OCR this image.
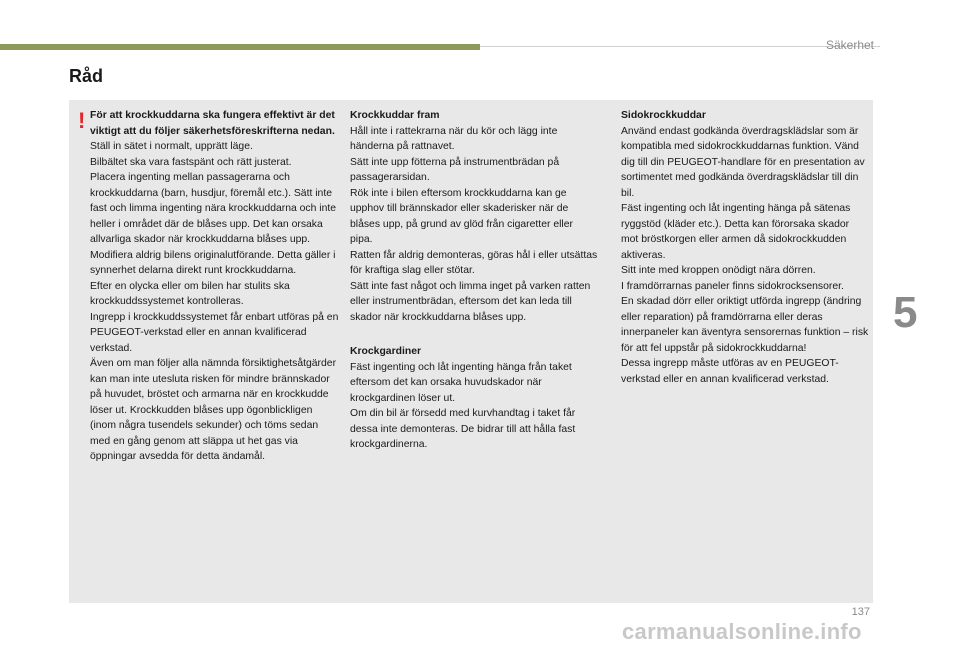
Säkerhet
Råd
! För att krockkuddarna ska fungera effektivt är det viktigt att du följer säkerhetsföreskrifterna nedan.

Ställ in sätet i normalt, upprätt läge.
Bilbältet ska vara fastspänt och rätt justerat.
Placera ingenting mellan passagerarna och krockkuddarna (barn, husdjur, föremål etc.). Sätt inte fast och limma ingenting nära krockkuddarna och inte heller i området där de blåses upp. Det kan orsaka allvarliga skador när krockkuddarna blåses upp.
Modifiera aldrig bilens originalutförande. Detta gäller i synnerhet delarna direkt runt krockkuddarna.
Efter en olycka eller om bilen har stulits ska krockkuddssystemet kontrolleras.
Ingrepp i krockkuddssystemet får enbart utföras på en PEUGEOT-verkstad eller en annan kvalificerad verkstad.
Även om man följer alla nämnda försiktighetsåtgärder kan man inte utesluta risken för mindre brännskador på huvudet, bröstet och armarna när en krockkudde löser ut. Krockkudden blåses upp ögonblickligen (inom några tusendels sekunder) och töms sedan med en gång genom att släppa ut het gas via öppningar avsedda för detta ändamål.

Krockkuddar fram

Håll inte i rattekrarna när du kör och lägg inte händerna på rattnavet.
Sätt inte upp fötterna på instrumentbrädan på passagerarsidan.
Rök inte i bilen eftersom krockkuddarna kan ge upphov till brännskador eller skaderisker när de blåses upp, på grund av glöd från cigaretter eller pipa.
Ratten får aldrig demonteras, göras hål i eller utsättas för kraftiga slag eller stötar.
Sätt inte fast något och limma inget på varken ratten eller instrumentbrädan, eftersom det kan leda till skador när krockkuddarna blåses upp.

Krockgardiner

Fäst ingenting och låt ingenting hänga från taket eftersom det kan orsaka huvudskador när krockgardinen löser ut.
Om din bil är försedd med kurvhandtag i taket får dessa inte demonteras. De bidrar till att hålla fast krockgardinerna.

Sidokrockkuddar

Använd endast godkända överdragsklädslar som är kompatibla med sidokrockkuddarnas funktion. Vänd dig till din PEUGEOT-handlare för en presentation av sortimentet med godkända överdragsklädslar till din bil.
Fäst ingenting och låt ingenting hänga på sätenas ryggstöd (kläder etc.). Detta kan förorsaka skador mot bröstkorgen eller armen då sidokrockkudden aktiveras.
Sitt inte med kroppen onödigt nära dörren.
I framdörrarnas paneler finns sidokrocksensorer.
En skadad dörr eller oriktigt utförda ingrepp (ändring eller reparation) på framdörrarna eller deras innerpaneler kan äventyra sensorernas funktion – risk för att fel uppstår på sidokrockkuddarna!
Dessa ingrepp måste utföras av en PEUGEOT-verkstad eller en annan kvalificerad verkstad.

5
137
carmanualsonline.info
